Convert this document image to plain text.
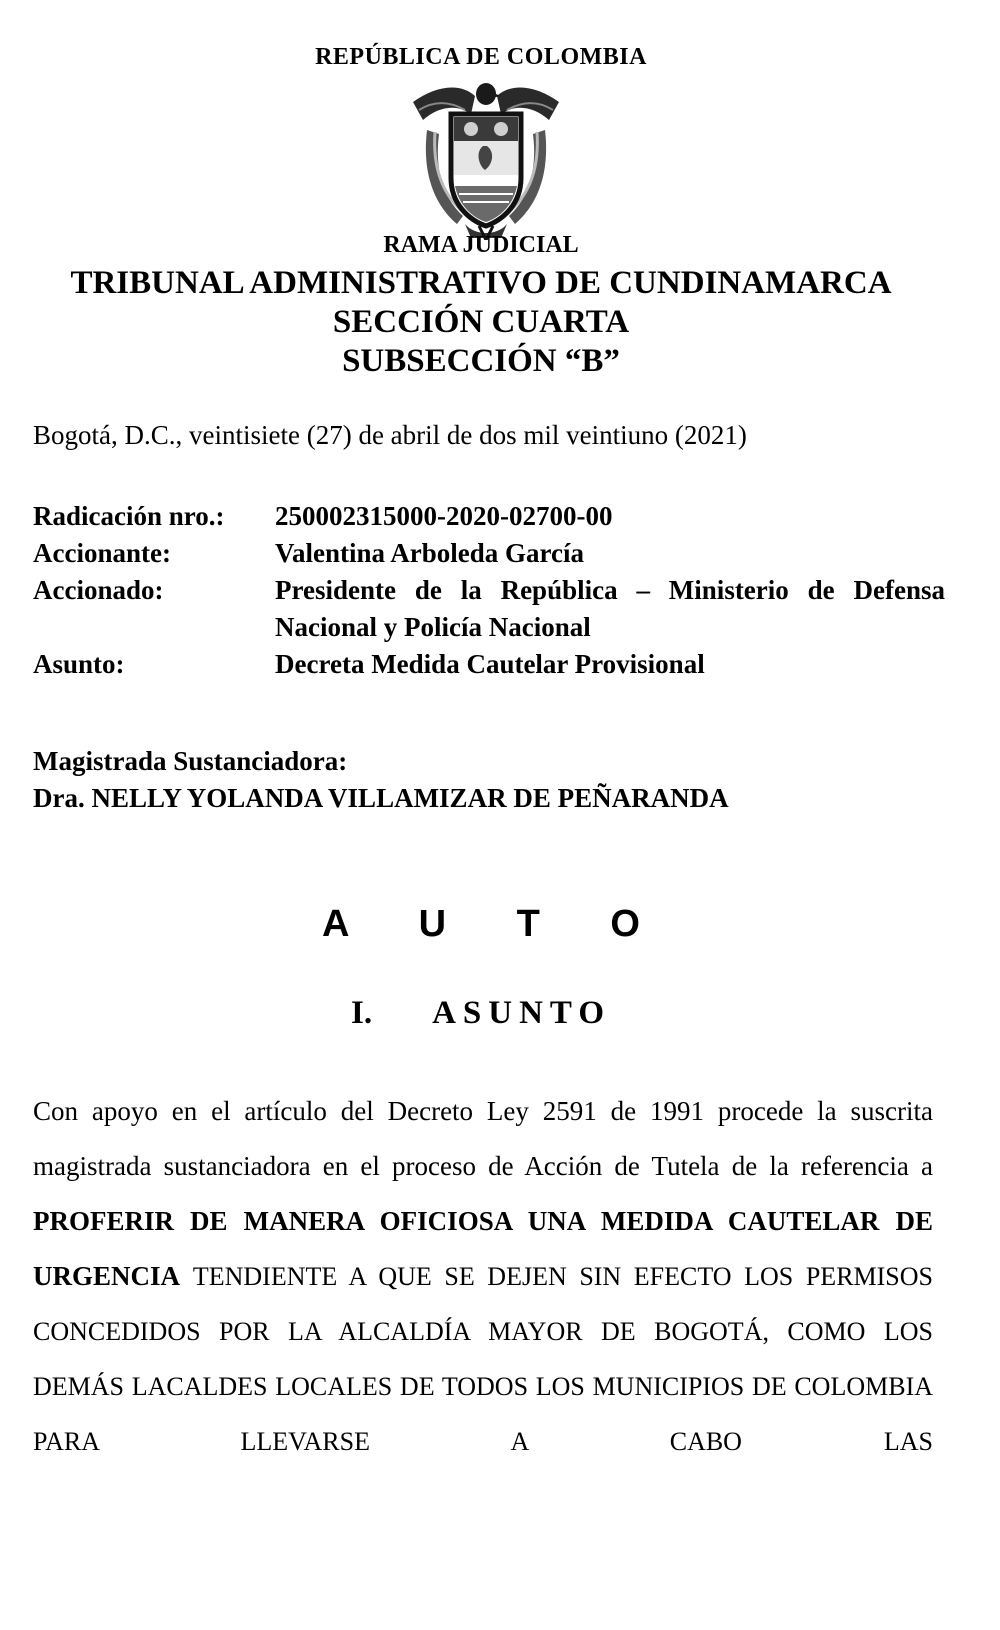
REPÚBLICA DE COLOMBIA
RAMA JUDICIAL
TRIBUNAL ADMINISTRATIVO DE CUNDINAMARCA
SECCIÓN CUARTA
SUBSECCIÓN “B”
Bogotá, D.C., veintisiete (27) de abril de dos mil veintiuno (2021)
Radicación nro.:	250002315000-2020-02700-00
Accionante:	Valentina Arboleda García
Accionado:	Presidente de la República – Ministerio de Defensa Nacional y Policía Nacional
Asunto:	Decreta Medida Cautelar Provisional
Magistrada Sustanciadora:
Dra. NELLY YOLANDA VILLAMIZAR DE PEÑARANDA
A U T O
I. ASUNTO
Con apoyo en el artículo del Decreto Ley 2591 de 1991 procede la suscrita magistrada sustanciadora en el proceso de Acción de Tutela de la referencia a PROFERIR DE MANERA OFICIOSA UNA MEDIDA CAUTELAR DE URGENCIA TENDIENTE A QUE SE DEJEN SIN EFECTO LOS PERMISOS CONCEDIDOS POR LA ALCALDÍA MAYOR DE BOGOTÁ, COMO LOS DEMÁS LACALDES LOCALES DE TODOS LOS MUNICIPIOS DE COLOMBIA PARA LLEVARSE A CABO LAS
